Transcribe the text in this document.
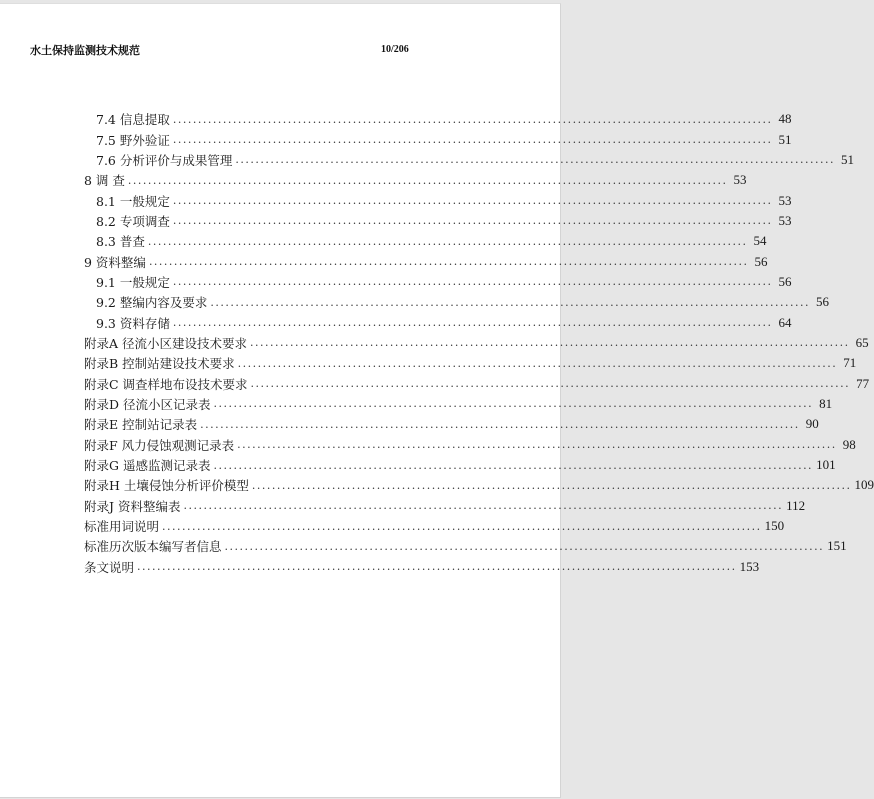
水土保持监测技术规范	10/206
7.4 信息提取 ........................................................................................................................ 48
7.5 野外验证 ........................................................................................................................ 51
7.6 分析评价与成果管理 ........................................................................................................................ 51
8 调 查 ........................................................................................................................ 53
8.1 一般规定 ........................................................................................................................ 53
8.2 专项调查 ........................................................................................................................ 53
8.3 普查 ........................................................................................................................ 54
9 资料整编 ........................................................................................................................ 56
9.1 一般规定 ........................................................................................................................ 56
9.2 整编内容及要求 ........................................................................................................................ 56
9.3 资料存储 ........................................................................................................................ 64
附录A 径流小区建设技术要求 ........................................................................................................................ 65
附录B 控制站建设技术要求 ........................................................................................................................ 71
附录C 调查样地布设技术要求 ........................................................................................................................ 77
附录D 径流小区记录表 ........................................................................................................................ 81
附录E 控制站记录表 ........................................................................................................................ 90
附录F 风力侵蚀观测记录表 ........................................................................................................................ 98
附录G 遥感监测记录表 ........................................................................................................................ 101
附录H 土壤侵蚀分析评价模型 ........................................................................................................................ 109
附录J 资料整编表 ........................................................................................................................ 112
标准用词说明 ........................................................................................................................ 150
标准历次版本编写者信息 ........................................................................................................................ 151
条文说明 ........................................................................................................................ 153
